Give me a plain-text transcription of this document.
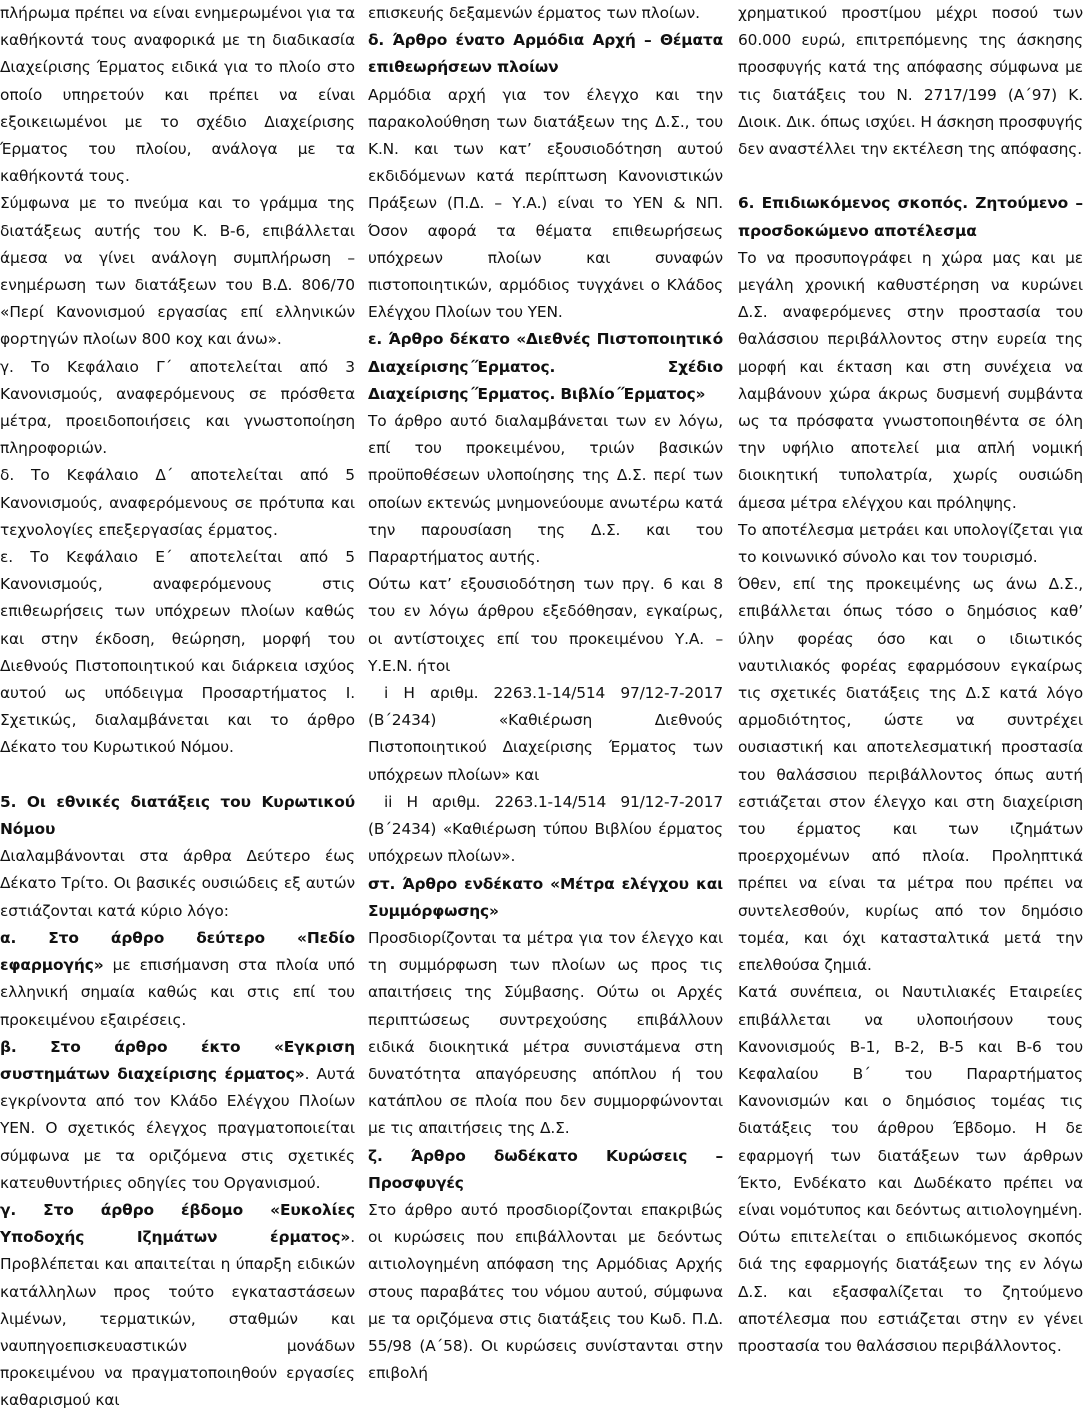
πλήρωμα πρέπει να είναι ενημερωμένοι για τα καθήκοντά τους αναφορικά με τη διαδικασία Διαχείρισης Έρματος ειδικά για το πλοίο στο οποίο υπηρετούν και πρέπει να είναι εξοικειωμένοι με το σχέδιο Διαχείρισης Έρματος του πλοίου, ανάλογα με τα καθήκοντά τους.

Σύμφωνα με το πνεύμα και το γράμμα της διατάξεως αυτής του Κ. Β-6, επιβάλλεται άμεσα να γίνει ανάλογη συμπλήρωση – ενημέρωση των διατάξεων του Β.Δ. 806/70 «Περί Κανονισμού εργασίας επί ελληνικών φορτηγών πλοίων 800 κοχ και άνω».

γ. Το Κεφάλαιο Γ΄ αποτελείται από 3 Κανονισμούς, αναφερόμενους σε πρόσθετα μέτρα, προειδοποιήσεις και γνωστοποίηση πληροφοριών.

δ. Το Κεφάλαιο Δ΄ αποτελείται από 5 Κανονισμούς, αναφερόμενους σε πρότυπα και τεχνολογίες επεξεργασίας έρματος.

ε. Το Κεφάλαιο Ε΄ αποτελείται από 5 Κανονισμούς, αναφερόμενους στις επιθεωρήσεις των υπόχρεων πλοίων καθώς και στην έκδοση, θεώρηση, μορφή του Διεθνούς Πιστοποιητικού και διάρκεια ισχύος αυτού ως υπόδειγμα Προσαρτήματος Ι. Σχετικώς, διαλαμβάνεται και το άρθρο Δέκατο του Κυρωτικού Νόμου.

5. Οι εθνικές διατάξεις του Κυρωτικού Νόμου

Διαλαμβάνονται στα άρθρα Δεύτερο έως Δέκατο Τρίτο. Οι βασικές ουσιώδεις εξ αυτών εστιάζονται κατά κύριο λόγο:

α. Στο άρθρο δεύτερο «Πεδίο εφαρμογής» με επισήμανση στα πλοία υπό ελληνική σημαία καθώς και στις επί του προκειμένου εξαιρέσεις.

β. Στο άρθρο έκτο «Εγκριση συστημάτων διαχείρισης έρματος». Αυτά εγκρίνοντα από τον Κλάδο Ελέγχου Πλοίων ΥΕΝ. Ο σχετικός έλεγχος πραγματοποιείται σύμφωνα με τα οριζόμενα στις σχετικές κατευθυντήριες οδηγίες του Οργανισμού.

γ. Στο άρθρο έβδομο «Ευκολίες Υποδοχής Ιζημάτων έρματος». Προβλέπεται και απαιτείται η ύπαρξη ειδικών κατάλληλων προς τούτο εγκαταστάσεων λιμένων, τερματικών, σταθμών και ναυπηγοεπισκευαστικών μονάδων προκειμένου να πραγματοποιηθούν εργασίες καθαρισμού και

επισκευής δεξαμενών έρματος των πλοίων.

δ. Άρθρο ένατο Αρμόδια Αρχή – Θέματα επιθεωρήσεων πλοίων

Αρμόδια αρχή για τον έλεγχο και την παρακολούθηση των διατάξεων της Δ.Σ., του Κ.Ν. και των κατ’ εξουσιοδότηση αυτού εκδιδόμενων κατά περίπτωση Κανονιστικών Πράξεων (Π.Δ. – Υ.Α.) είναι το ΥΕΝ & ΝΠ. Όσον αφορά τα θέματα επιθεωρήσεως υπόχρεων πλοίων και συναφών πιστοποιητικών, αρμόδιος τυγχάνει ο Κλάδος Ελέγχου Πλοίων του ΥΕΝ.

ε. Άρθρο δέκατο «Διεθνές Πιστοποιητικό Διαχείρισης΄Έρματος. Σχέδιο Διαχείρισης΄Έρματος. Βιβλίο΄Έρματος»

Το άρθρο αυτό διαλαμβάνεται των εν λόγω, επί του προκειμένου, τριών βασικών προϋποθέσεων υλοποίησης της Δ.Σ. περί των οποίων εκτενώς μνημονεύουμε ανωτέρω κατά την παρουσίαση της Δ.Σ. και του Παραρτήματος αυτής.

Ούτω κατ’ εξουσιοδότηση των πργ. 6 και 8 του εν λόγω άρθρου εξεδόθησαν, εγκαίρως, οι αντίστοιχες επί του προκειμένου Υ.Α. – Υ.Ε.Ν. ήτοι

i Η αριθμ. 2263.1-14/514 97/12-7-2017 (Β΄2434) «Καθιέρωση Διεθνούς Πιστοποιητικού Διαχείρισης Έρματος των υπόχρεων πλοίων» και

ii Η αριθμ. 2263.1-14/514 91/12-7-2017 (Β΄2434) «Καθιέρωση τύπου Βιβλίου έρματος υπόχρεων πλοίων».

στ. Άρθρο ενδέκατο «Μέτρα ελέγχου και Συμμόρφωσης»

Προσδιορίζονται τα μέτρα για τον έλεγχο και τη συμμόρφωση των πλοίων ως προς τις απαιτήσεις της Σύμβασης. Ούτω οι Αρχές περιπτώσεως συντρεχούσης επιβάλλουν ειδικά διοικητικά μέτρα συνιστάμενα στη δυνατότητα απαγόρευσης απόπλου ή του κατάπλου σε πλοία που δεν συμμορφώνονται με τις απαιτήσεις της Δ.Σ.

ζ. Άρθρο δωδέκατο Κυρώσεις – Προσφυγές

Στο άρθρο αυτό προσδιορίζονται επακριβώς οι κυρώσεις που επιβάλλονται με δεόντως αιτιολογημένη απόφαση της Αρμόδιας Αρχής στους παραβάτες του νόμου αυτού, σύμφωνα με τα οριζόμενα στις διατάξεις του Κωδ. Π.Δ. 55/98 (Α΄58). Οι κυρώσεις συνίστανται στην επιβολή

χρηματικού προστίμου μέχρι ποσού των 60.000 ευρώ, επιτρεπόμενης της άσκησης προσφυγής κατά της απόφασης σύμφωνα με τις διατάξεις του Ν. 2717/199 (Α΄97) Κ. Διοικ. Δικ. όπως ισχύει. Η άσκηση προσφυγής δεν αναστέλλει την εκτέλεση της απόφασης.

6. Επιδιωκόμενος σκοπός. Ζητούμενο – προσδοκώμενο αποτέλεσμα

Το να προσυπογράφει η χώρα μας και με μεγάλη χρονική καθυστέρηση να κυρώνει Δ.Σ. αναφερόμενες στην προστασία του θαλάσσιου περιβάλλοντος στην ευρεία της μορφή και έκταση και στη συνέχεια να λαμβάνουν χώρα άκρως δυσμενή συμβάντα ως τα πρόσφατα γνωστοποιηθέντα σε όλη την υφήλιο αποτελεί μια απλή νομική διοικητική τυπολατρία, χωρίς ουσιώδη άμεσα μέτρα ελέγχου και πρόληψης.

Το αποτέλεσμα μετράει και υπολογίζεται για το κοινωνικό σύνολο και τον τουρισμό.

Όθεν, επί της προκειμένης ως άνω Δ.Σ., επιβάλλεται όπως τόσο ο δημόσιος καθ’ ύλην φορέας όσο και ο ιδιωτικός ναυτιλιακός φορέας εφαρμόσουν εγκαίρως τις σχετικές διατάξεις της Δ.Σ κατά λόγο αρμοδιότητος, ώστε να συντρέχει ουσιαστική και αποτελεσματική προστασία του θαλάσσιου περιβάλλοντος όπως αυτή εστιάζεται στον έλεγχο και στη διαχείριση του έρματος και των ιζημάτων προερχομένων από πλοία. Προληπτικά πρέπει να είναι τα μέτρα που πρέπει να συντελεσθούν, κυρίως από τον δημόσιο τομέα, και όχι κατασταλτικά μετά την επελθούσα ζημιά.

Κατά συνέπεια, οι Ναυτιλιακές Εταιρείες επιβάλλεται να υλοποιήσουν τους Κανονισμούς Β-1, Β-2, Β-5 και Β-6 του Κεφαλαίου Β΄ του Παραρτήματος Κανονισμών και ο δημόσιος τομέας τις διατάξεις του άρθρου Έβδομο. Η δε εφαρμογή των διατάξεων των άρθρων Έκτο, Ενδέκατο και Δωδέκατο πρέπει να είναι νομότυπος και δεόντως αιτιολογημένη.

Ούτω επιτελείται ο επιδιωκόμενος σκοπός διά της εφαρμογής διατάξεων της εν λόγω Δ.Σ. και εξασφαλίζεται το ζητούμενο αποτέλεσμα που εστιάζεται στην εν γένει προστασία του θαλάσσιου περιβάλλοντος.
